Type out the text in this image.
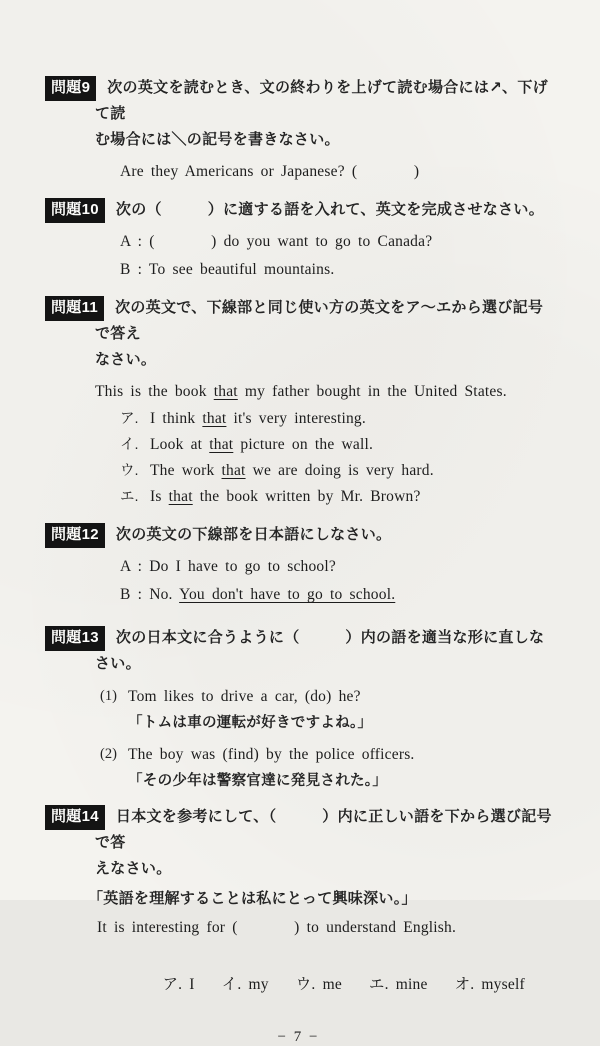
問題9 次の英文を読むとき、文の終わりを上げて読む場合には↗、下げて読
む場合には＼の記号を書きなさい。
Are they Americans or Japanese? (        )
問題10 次の（　　　）に適する語を入れて、英文を完成させなさい。
A : (        ) do you want to go to Canada?
B : To see beautiful mountains.
問題11 次の英文で、下線部と同じ使い方の英文をア〜エから選び記号で答え
なさい。
This is the book that my father bought in the United States.
ア. I think that it's very interesting.
イ. Look at that picture on the wall.
ウ. The work that we are doing is very hard.
エ. Is that the book written by Mr. Brown?
問題12 次の英文の下線部を日本語にしなさい。
A : Do I have to go to school?
B : No. You don't have to go to school.
問題13 次の日本文に合うように（　　　）内の語を適当な形に直しなさい。
(1) Tom likes to drive a car, (do) he?
「トムは車の運転が好きですよね。」
(2) The boy was (find) by the police officers.
「その少年は警察官達に発見された。」
問題14 日本文を参考にして、（　　　）内に正しい語を下から選び記号で答
えなさい。
「英語を理解することは私にとって興味深い。」
It is interesting for (        ) to understand English.

ア. I イ. my ウ. me エ. mine オ. myself

− 7 −
